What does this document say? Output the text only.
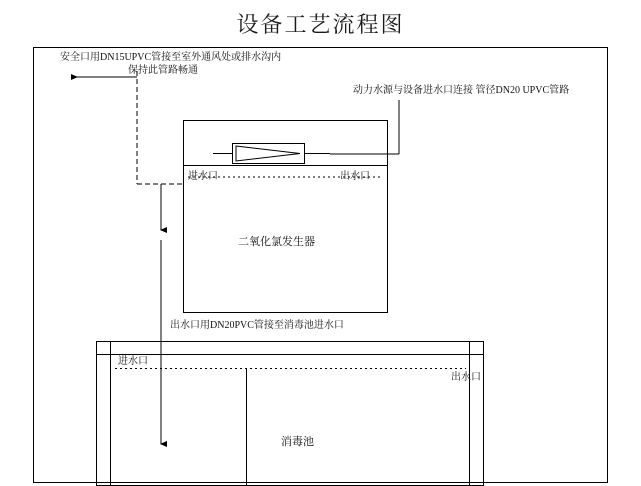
设备工艺流程图
安全口用DN15UPVC管接至室外通风处或排水沟内
保持此管路畅通
动力水源与设备进水口连接 管径DN20 UPVC管路
进水口	出水口
二氧化氯发生器
出水口用DN20PVC管接至消毒池进水口
进水口
出水口
消毒池
